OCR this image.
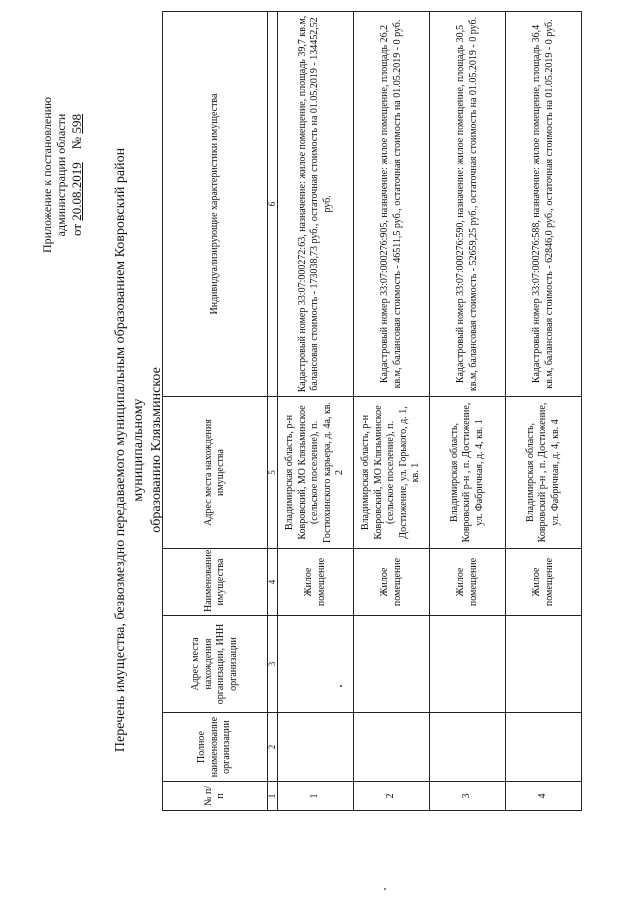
Приложение к постановлению администрации области от 20.08.2019    № 598
Перечень имущества, безвозмездно передаваемого муниципальным образованием Ковровский район муниципальному образованию Клязьминское
№ п/п	Полное наименование организации	Адрес места нахождения организации, ИНН организации	Наименование имущества	Адрес места нахождения имущества	Индивидуализирующие характеристики имущества
1	2	3	4	5	6
1			Жилое помещение	Владимирская область, р-н Ковровский, МО Клязьминское (сельское поселение), п. Гостюхинского карьера, д. 4а, кв. 2	Кадастровый номер 33:07:000272:63, назначение: жилое помещение, площадь 39,7 кв.м, балансовая стоимость - 173038,73 руб., остаточная стоимость на 01.05.2019 - 134452,52 руб.
2			Жилое помещение	Владимирская область, р-н Ковровский, МО Клязьминское (сельское поселение), п. Достижение, ул. Горького, д. 1, кв. 1	Кадастровый номер 33:07:000276:905, назначение: жилое помещение, площадь 26,2 кв.м, балансовая стоимость - 46511,5 руб., остаточная стоимость на 01.05.2019 - 0 руб.
3			Жилое помещение	Владимирская область, Ковровский р-н , п. Достижение, ул. Фабричная, д. 4, кв. 1	Кадастровый номер 33:07:000276:590, назначение: жилое помещение, площадь 30,5 кв.м, балансовая стоимость - 52659,25 руб., остаточная стоимость на 01.05.2019 - 0 руб.
4			Жилое помещение	Владимирская область, Ковровский р-н , п. Достижение, ул. Фабричная, д. 4, кв. 4	Кадастровый номер 33:07:000276:588, назначение: жилое помещение, площадь 36,4 кв.м, балансовая стоимость - 62846,0 руб., остаточная стоимость на 01.05.2019 - 0 руб.
